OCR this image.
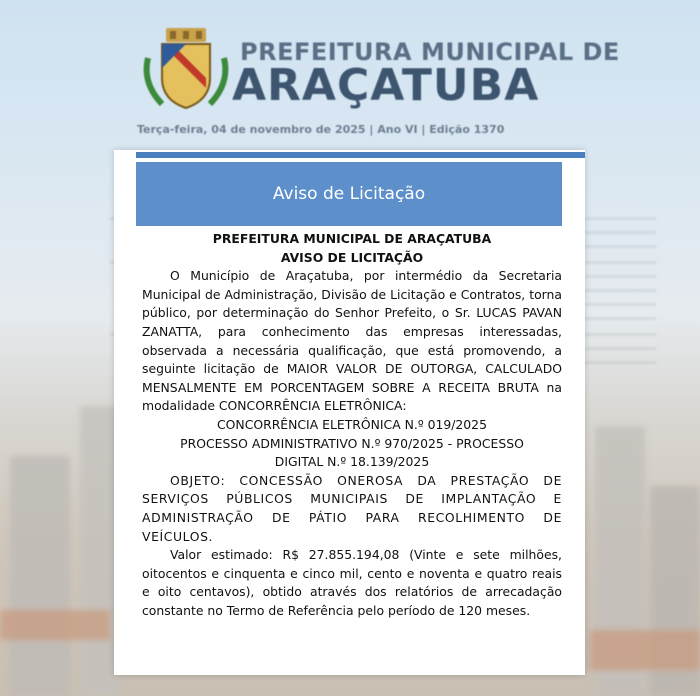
PREFEITURA MUNICIPAL DE
ARAÇATUBA
Terça-feira, 04 de novembro de 2025 | Ano VI | Edição 1370
Aviso de Licitação

PREFEITURA MUNICIPAL DE ARAÇATUBA

AVISO DE LICITAÇÃO

O Município de Araçatuba, por intermédio da Secretaria Municipal de Administração, Divisão de Licitação e Contratos, torna público, por determinação do Senhor Prefeito, o Sr. LUCAS PAVAN ZANATTA, para conhecimento das empresas interessadas, observada a necessária qualificação, que está promovendo, a seguinte licitação de MAIOR VALOR DE OUTORGA, CALCULADO MENSALMENTE EM PORCENTAGEM SOBRE A RECEITA BRUTA na modalidade CONCORRÊNCIA ELETRÔNICA:

CONCORRÊNCIA ELETRÔNICA N.º 019/2025

PROCESSO ADMINISTRATIVO N.º 970/2025 - PROCESSO

DIGITAL N.º 18.139/2025

OBJETO: CONCESSÃO ONEROSA DA PRESTAÇÃO DE SERVIÇOS PÚBLICOS MUNICIPAIS DE IMPLANTAÇÃO E ADMINISTRAÇÃO DE PÁTIO PARA RECOLHIMENTO DE VEÍCULOS.

Valor estimado: R$ 27.855.194,08 (Vinte e sete milhões, oitocentos e cinquenta e cinco mil, cento e noventa e quatro reais e oito centavos), obtido através dos relatórios de arrecadação constante no Termo de Referência pelo período de 120 meses.
